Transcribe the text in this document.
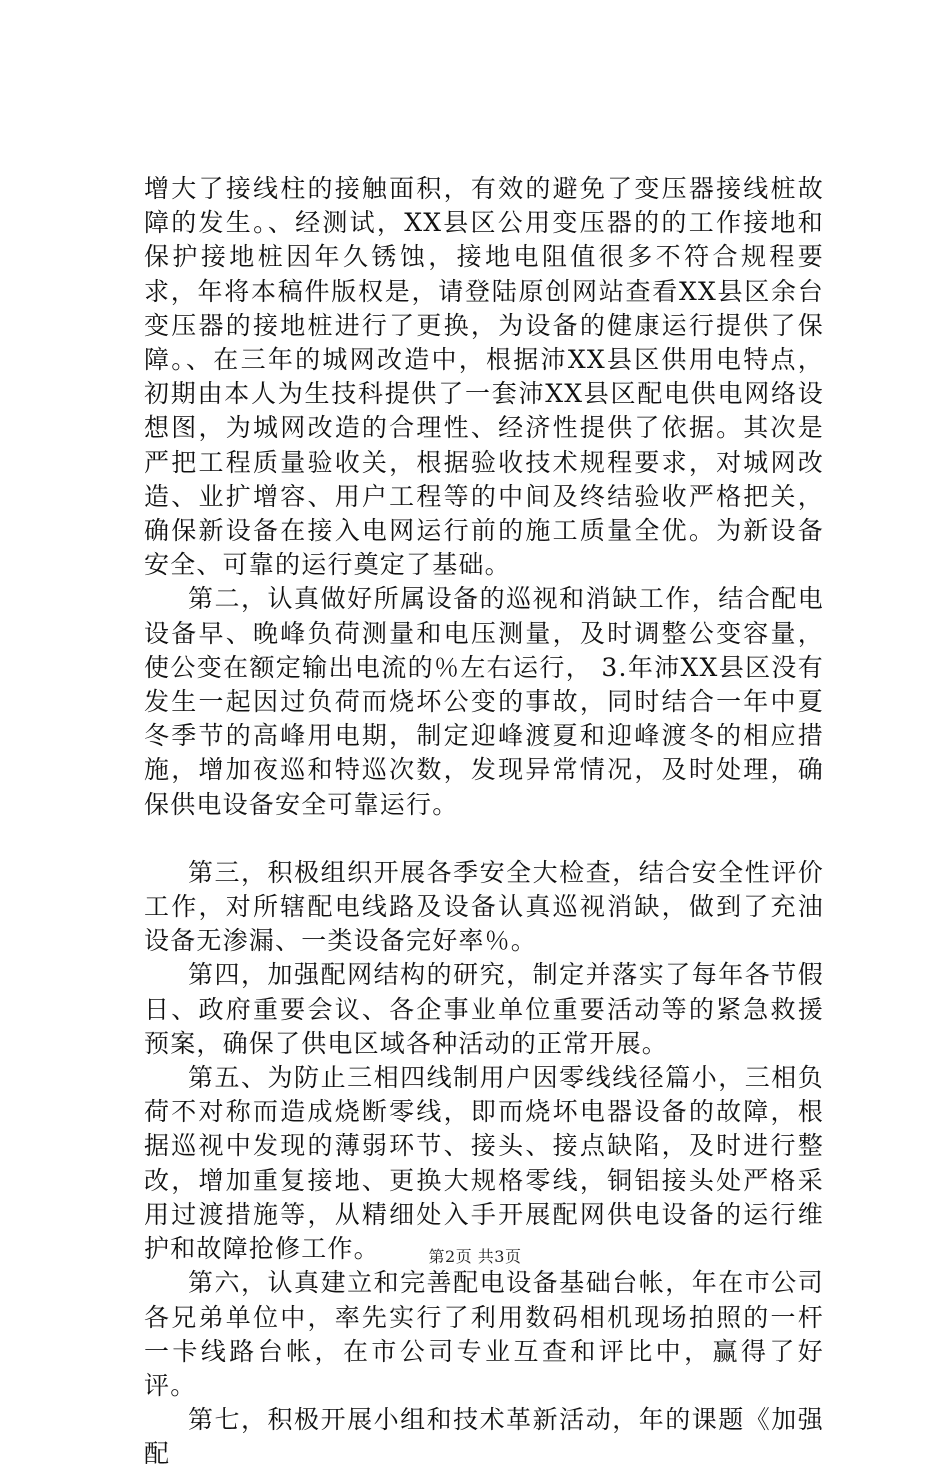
增大了接线柱的接触面积，有效的避免了变压器接线桩故障的发生。、经测试，XX县区公用变压器的的工作接地和保护接地桩因年久锈蚀，接地电阻值很多不符合规程要求，年将本稿件版权是，请登陆原创网站查看XX县区余台变压器的接地桩进行了更换，为设备的健康运行提供了保障。、在三年的城网改造中，根据沛XX县区供用电特点，初期由本人为生技科提供了一套沛XX县区配电供电网络设想图，为城网改造的合理性、经济性提供了依据。其次是严把工程质量验收关，根据验收技术规程要求，对城网改造、业扩增容、用户工程等的中间及终结验收严格把关，确保新设备在接入电网运行前的施工质量全优。为新设备安全、可靠的运行奠定了基础。

第二，认真做好所属设备的巡视和消缺工作，结合配电设备早、晚峰负荷测量和电压测量，及时调整公变容量，使公变在额定输出电流的％左右运行， 3.年沛XX县区没有发生一起因过负荷而烧坏公变的事故，同时结合一年中夏冬季节的高峰用电期，制定迎峰渡夏和迎峰渡冬的相应措施，增加夜巡和特巡次数，发现异常情况，及时处理，确保供电设备安全可靠运行。

第三，积极组织开展各季安全大检查，结合安全性评价工作，对所辖配电线路及设备认真巡视消缺，做到了充油设备无渗漏、一类设备完好率％。

第四，加强配网结构的研究，制定并落实了每年各节假日、政府重要会议、各企事业单位重要活动等的紧急救援预案，确保了供电区域各种活动的正常开展。

第五、为防止三相四线制用户因零线线径篇小，三相负荷不对称而造成烧断零线，即而烧坏电器设备的故障，根据巡视中发现的薄弱环节、接头、接点缺陷，及时进行整改，增加重复接地、更换大规格零线，铜铝接头处严格采用过渡措施等，从精细处入手开展配网供电设备的运行维护和故障抢修工作。

第六，认真建立和完善配电设备基础台帐，年在市公司各兄弟单位中，率先实行了利用数码相机现场拍照的一杆一卡线路台帐，在市公司专业互查和评比中，赢得了好评。

第七，积极开展小组和技术革新活动，年的课题《加强配

第2页 共3页
